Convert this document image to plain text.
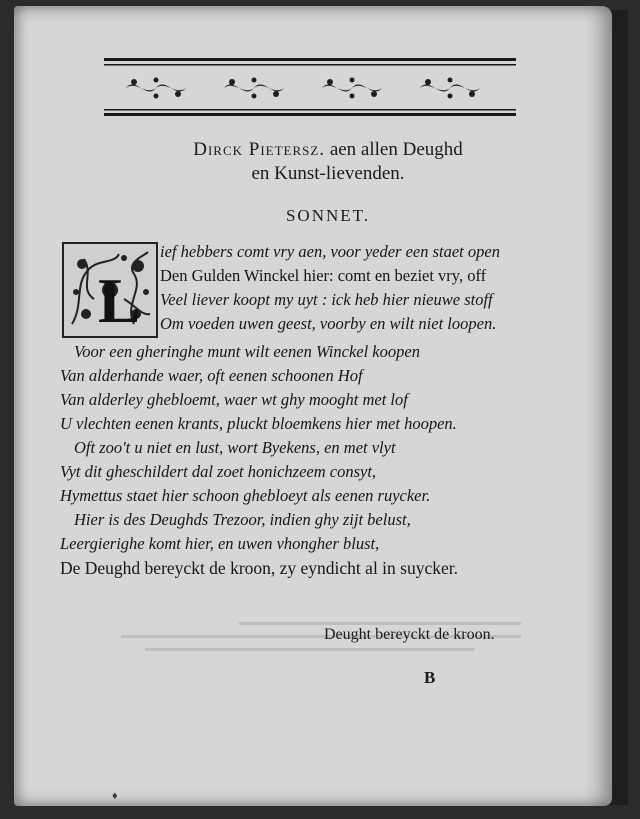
Dirck Pietersz. aen allen Deughd
en Kunst-lievenden.
SONNET.
L
ief hebbers comt vry aen, voor yeder een staet open
Den Gulden Winckel hier: comt en beziet vry, off
Veel liever koopt my uyt : ick heb hier nieuwe stoff
Om voeden uwen geest, voorby en wilt niet loopen.
Voor een gheringhe munt wilt eenen Winckel koopen
Van alderhande waer, oft eenen schoonen Hof
Van alderley ghebloemt, waer wt ghy mooght met lof
U vlechten eenen krants, pluckt bloemkens hier met hoopen.
Oft zoo't u niet en lust, wort Byekens, en met vlyt
Vyt dit gheschildert dal zoet honichzeem consyt,
Hymettus staet hier schoon ghebloeyt als eenen ruycker.
Hier is des Deughds Trezoor, indien ghy zijt belust,
Leergierighe komt hier, en uwen vhongher blust,
De Deughd bereyckt de kroon, zy eyndicht al in suycker.
Deught bereyckt de kroon.
B
♦
